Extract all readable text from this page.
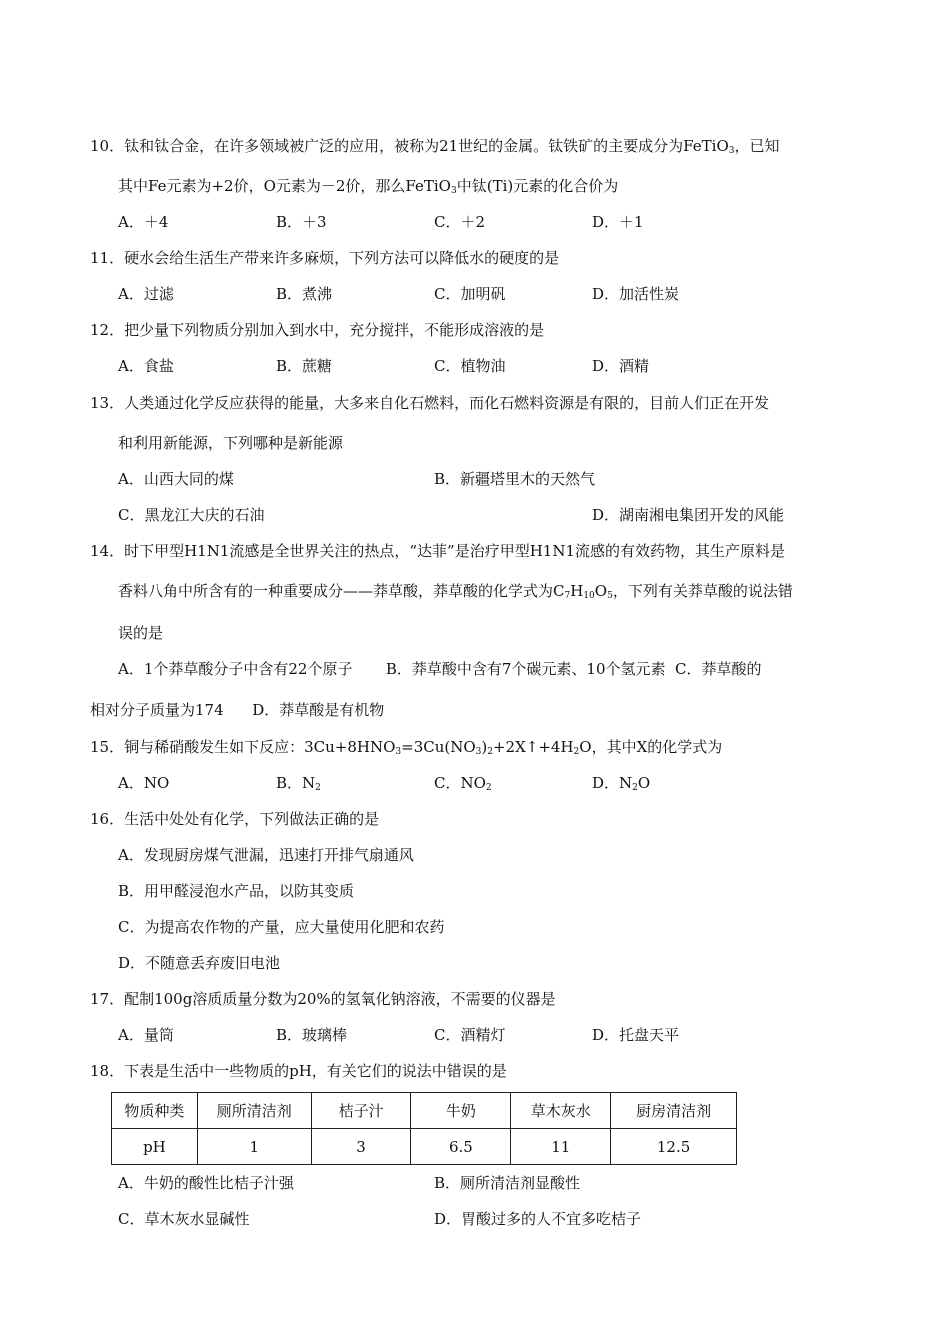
10．钛和钛合金，在许多领域被广泛的应用，被称为21世纪的金属。钛铁矿的主要成分为FeTiO$_3$，已知
其中Fe元素为+2价，O元素为－2价，那么FeTiO$_3$中钛(Ti)元素的化合价为
A．＋4	B．＋3	C．＋2	D．＋1
11．硬水会给生活生产带来许多麻烦，下列方法可以降低水的硬度的是
A．过滤	B．煮沸	C．加明矾	D．加活性炭
12．把少量下列物质分别加入到水中，充分搅拌，不能形成溶液的是
A．食盐	B．蔗糖	C．植物油	D．酒精
13．人类通过化学反应获得的能量，大多来自化石燃料，而化石燃料资源是有限的，目前人们正在开发
和利用新能源，下列哪种是新能源
A．山西大同的煤	B．新疆塔里木的天然气
C．黑龙江大庆的石油	D．湖南湘电集团开发的风能
14．时下甲型H1N1流感是全世界关注的热点，“达菲”是治疗甲型H1N1流感的有效药物，其生产原料是
香料八角中所含有的一种重要成分——莽草酸，莽草酸的化学式为$C_7H_{10}O_5$，下列有关莽草酸的说法错
误的是
A．1个莽草酸分子中含有22个原子       B．莽草酸中含有7个碳元素、10个氢元素  C．莽草酸的
相对分子质量为174      D．莽草酸是有机物
15．铜与稀硝酸发生如下反应：$3Cu+8HNO_3=3Cu(NO_3)_2+2X↑+4H_2O$，其中X的化学式为
A．NO	B．$N_2$	C．$NO_2$	D．$N_2O$
16．生活中处处有化学，下列做法正确的是
A．发现厨房煤气泄漏，迅速打开排气扇通风
B．用甲醛浸泡水产品，以防其变质
C．为提高农作物的产量，应大量使用化肥和农药
D．不随意丢弃废旧电池
17．配制100g溶质质量分数为20%的氢氧化钠溶液，不需要的仪器是
A．量筒	B．玻璃棒	C．酒精灯	D．托盘天平
18．下表是生活中一些物质的pH，有关它们的说法中错误的是
物质种类	厕所清洁剂	桔子汁	牛奶	草木灰水	厨房清洁剂
pH	1	3	6.5	11	12.5
A．牛奶的酸性比桔子汁强	B．厕所清洁剂显酸性
C．草木灰水显碱性	D．胃酸过多的人不宜多吃桔子
